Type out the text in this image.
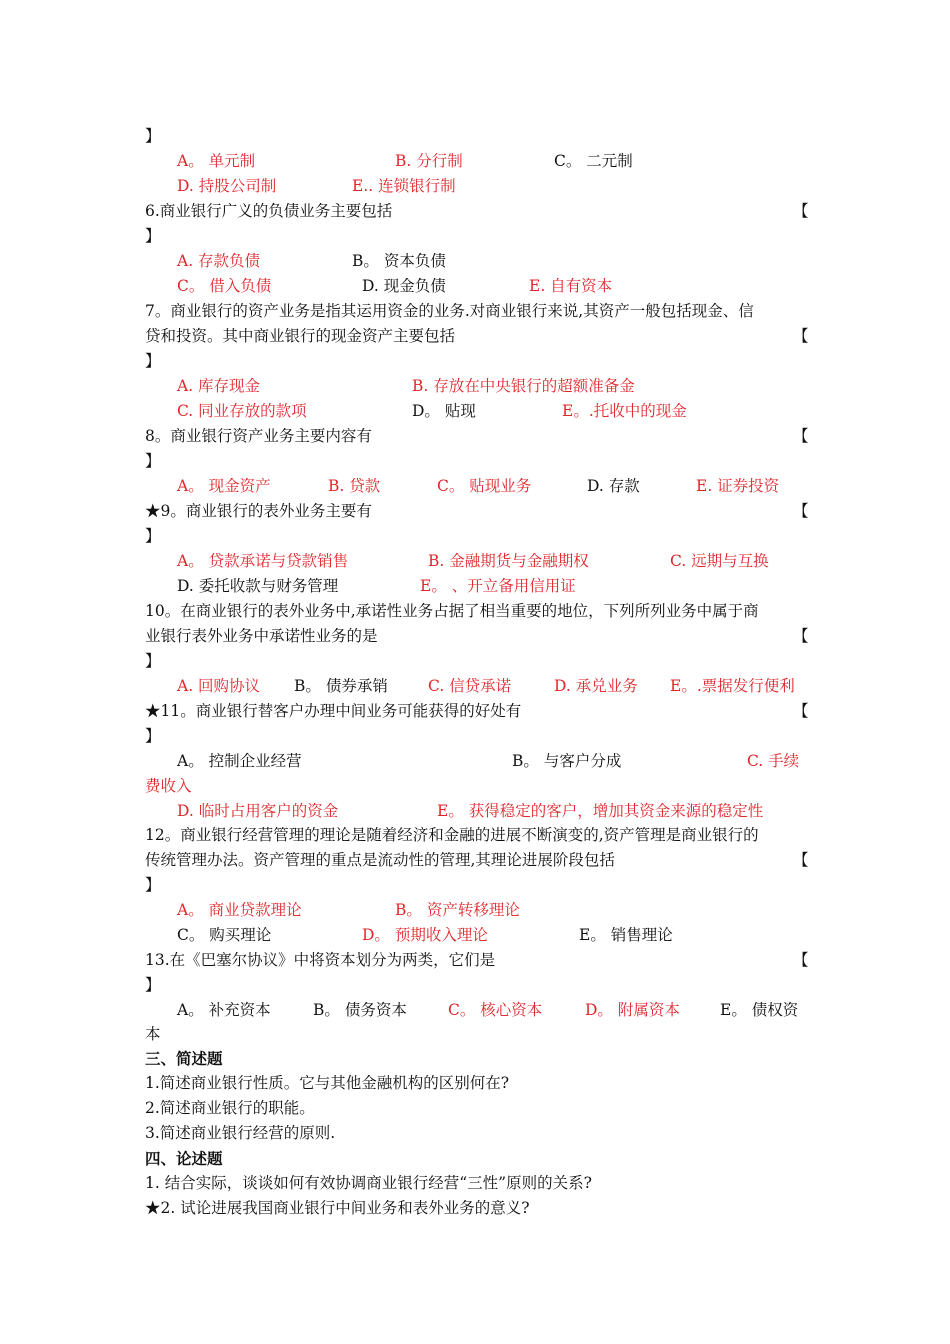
】
A。 单元制	B. 分行制	C。 二元制
D. 持股公司制	E.. 连锁银行制
6.商业银行广义的负债业务主要包括	【
】
A. 存款负债	B。 资本负债
C。 借入负债	D. 现金负债	E. 自有资本
7。商业银行的资产业务是指其运用资金的业务.对商业银行来说,其资产一般包括现金、信
贷和投资。其中商业银行的现金资产主要包括	【
】
A. 库存现金	B. 存放在中央银行的超额准备金
C. 同业存放的款项	D。 贴现	E。.托收中的现金
8。商业银行资产业务主要内容有	【
】
A。 现金资产	B. 贷款	C。 贴现业务	D. 存款	E. 证券投资
★9。商业银行的表外业务主要有	【
】
A。 贷款承诺与贷款销售	B. 金融期货与金融期权	C. 远期与互换
D. 委托收款与财务管理	E。 、开立备用信用证
10。在商业银行的表外业务中,承诺性业务占据了相当重要的地位，下列所列业务中属于商
业银行表外业务中承诺性业务的是	【
】
A. 回购协议 B。 债券承销	C. 信贷承诺	D. 承兑业务 E。.票据发行便利
★11。商业银行替客户办理中间业务可能获得的好处有	【
】
A。 控制企业经营	B。 与客户分成	C. 手续
费收入
D. 临时占用客户的资金	E。 获得稳定的客户，增加其资金来源的稳定性
12。商业银行经营管理的理论是随着经济和金融的进展不断演变的,资产管理是商业银行的
传统管理办法。资产管理的重点是流动性的管理,其理论进展阶段包括	【
】
A。 商业贷款理论	B。 资产转移理论
C。 购买理论	D。 预期收入理论	E。 销售理论
13.在《巴塞尔协议》中将资本划分为两类，它们是	【
】
A。 补充资本	B。 债务资本	C。 核心资本	D。 附属资本	E。 债权资
本
三、简述题
1.简述商业银行性质。它与其他金融机构的区别何在?
2.简述商业银行的职能。
3.简述商业银行经营的原则.
四、论述题
1. 结合实际，谈谈如何有效协调商业银行经营“三性”原则的关系?
★2. 试论进展我国商业银行中间业务和表外业务的意义?
